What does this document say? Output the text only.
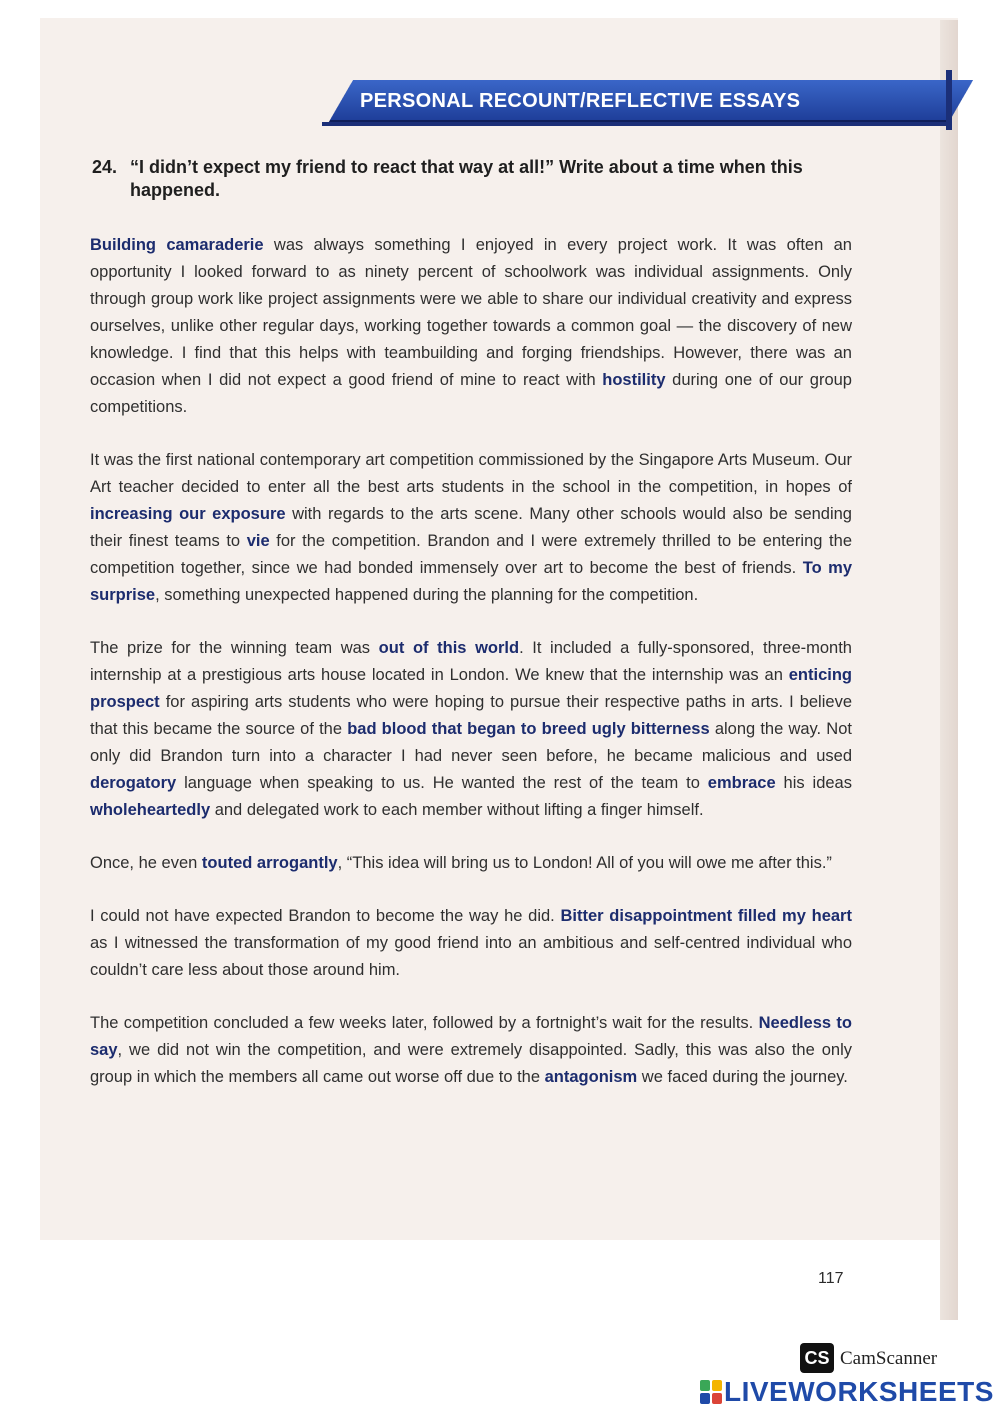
PERSONAL RECOUNT/REFLECTIVE ESSAYS
24. “I didn’t expect my friend to react that way at all!” Write about a time when this happened.

Building camaraderie was always something I enjoyed in every project work. It was often an opportunity I looked forward to as ninety percent of schoolwork was individual assignments. Only through group work like project assignments were we able to share our individual creativity and express ourselves, unlike other regular days, working together towards a common goal — the discovery of new knowledge. I find that this helps with teambuilding and forging friendships. However, there was an occasion when I did not expect a good friend of mine to react with hostility during one of our group competitions.

It was the first national contemporary art competition commissioned by the Singapore Arts Museum. Our Art teacher decided to enter all the best arts students in the school in the competition, in hopes of increasing our exposure with regards to the arts scene. Many other schools would also be sending their finest teams to vie for the competition. Brandon and I were extremely thrilled to be entering the competition together, since we had bonded immensely over art to become the best of friends. To my surprise, something unexpected happened during the planning for the competition.

The prize for the winning team was out of this world. It included a fully-sponsored, three-month internship at a prestigious arts house located in London. We knew that the internship was an enticing prospect for aspiring arts students who were hoping to pursue their respective paths in arts. I believe that this became the source of the bad blood that began to breed ugly bitterness along the way. Not only did Brandon turn into a character I had never seen before, he became malicious and used derogatory language when speaking to us. He wanted the rest of the team to embrace his ideas wholeheartedly and delegated work to each member without lifting a finger himself.

Once, he even touted arrogantly, “This idea will bring us to London! All of you will owe me after this.”

I could not have expected Brandon to become the way he did. Bitter disappointment filled my heart as I witnessed the transformation of my good friend into an ambitious and self-centred individual who couldn’t care less about those around him.

The competition concluded a few weeks later, followed by a fortnight’s wait for the results. Needless to say, we did not win the competition, and were extremely disappointed. Sadly, this was also the only group in which the members all came out worse off due to the antagonism we faced during the journey.

117
CS CamScanner
LIVEWORKSHEETS
